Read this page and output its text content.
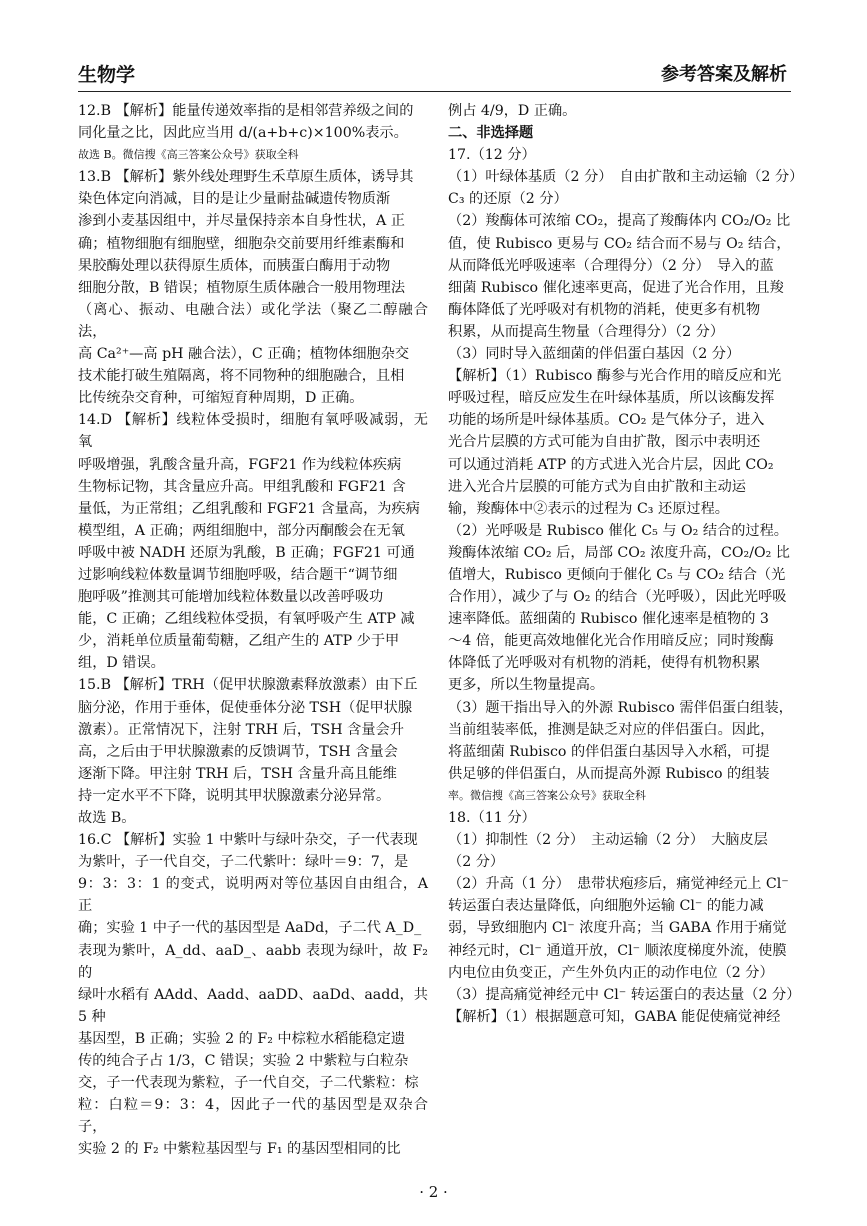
生物学	参考答案及解析

12.B 【解析】能量传递效率指的是相邻营养级之间的

同化量之比，因此应当用 d/(a+b+c)×100%表示。

故选 B。微信搜《高三答案公众号》获取全科

13.B 【解析】紫外线处理野生禾草原生质体，诱导其

染色体定向消减，目的是让少量耐盐碱遗传物质渐

渗到小麦基因组中，并尽量保持亲本自身性状，A 正

确；植物细胞有细胞壁，细胞杂交前要用纤维素酶和

果胶酶处理以获得原生质体，而胰蛋白酶用于动物

细胞分散，B 错误；植物原生质体融合一般用物理法

（离心、振动、电融合法）或化学法（聚乙二醇融合法，

高 Ca²⁺—高 pH 融合法），C 正确；植物体细胞杂交

技术能打破生殖隔离，将不同物种的细胞融合，且相

比传统杂交育种，可缩短育种周期，D 正确。

14.D 【解析】线粒体受损时，细胞有氧呼吸减弱，无氧

呼吸增强，乳酸含量升高，FGF21 作为线粒体疾病

生物标记物，其含量应升高。甲组乳酸和 FGF21 含

量低，为正常组；乙组乳酸和 FGF21 含量高，为疾病

模型组，A 正确；两组细胞中，部分丙酮酸会在无氧

呼吸中被 NADH 还原为乳酸，B 正确；FGF21 可通

过影响线粒体数量调节细胞呼吸，结合题干“调节细

胞呼吸”推测其可能增加线粒体数量以改善呼吸功

能，C 正确；乙组线粒体受损，有氧呼吸产生 ATP 减

少，消耗单位质量葡萄糖，乙组产生的 ATP 少于甲

组，D 错误。

15.B 【解析】TRH（促甲状腺激素释放激素）由下丘

脑分泌，作用于垂体，促使垂体分泌 TSH（促甲状腺

激素）。正常情况下，注射 TRH 后，TSH 含量会升

高，之后由于甲状腺激素的反馈调节，TSH 含量会

逐渐下降。甲注射 TRH 后，TSH 含量升高且能维

持一定水平不下降，说明其甲状腺激素分泌异常。

故选 B。

16.C 【解析】实验 1 中紫叶与绿叶杂交，子一代表现

为紫叶，子一代自交，子二代紫叶：绿叶＝9：7，是

9：3：3：1 的变式，说明两对等位基因自由组合，A 正

确；实验 1 中子一代的基因型是 AaDd，子二代 A_D_

表现为紫叶，A_dd、aaD_、aabb 表现为绿叶，故 F₂ 的

绿叶水稻有 AAdd、Aadd、aaDD、aaDd、aadd，共 5 种

基因型，B 正确；实验 2 的 F₂ 中棕粒水稻能稳定遗

传的纯合子占 1/3，C 错误；实验 2 中紫粒与白粒杂

交，子一代表现为紫粒，子一代自交，子二代紫粒：棕

粒：白粒＝9：3：4，因此子一代的基因型是双杂合子，

实验 2 的 F₂ 中紫粒基因型与 F₁ 的基因型相同的比

例占 4/9，D 正确。

二、非选择题

17.（12 分）

（1）叶绿体基质（2 分）　自由扩散和主动运输（2 分）

C₃ 的还原（2 分）

（2）羧酶体可浓缩 CO₂，提高了羧酶体内 CO₂/O₂ 比

值，使 Rubisco 更易与 CO₂ 结合而不易与 O₂ 结合，

从而降低光呼吸速率（合理得分）（2 分）　导入的蓝

细菌 Rubisco 催化速率更高，促进了光合作用，且羧

酶体降低了光呼吸对有机物的消耗，使更多有机物

积累，从而提高生物量（合理得分）（2 分）

（3）同时导入蓝细菌的伴侣蛋白基因（2 分）

【解析】（1）Rubisco 酶参与光合作用的暗反应和光

呼吸过程，暗反应发生在叶绿体基质，所以该酶发挥

功能的场所是叶绿体基质。CO₂ 是气体分子，进入

光合片层膜的方式可能为自由扩散，图示中表明还

可以通过消耗 ATP 的方式进入光合片层，因此 CO₂

进入光合片层膜的可能方式为自由扩散和主动运

输，羧酶体中②表示的过程为 C₃ 还原过程。

（2）光呼吸是 Rubisco 催化 C₅ 与 O₂ 结合的过程。

羧酶体浓缩 CO₂ 后，局部 CO₂ 浓度升高，CO₂/O₂ 比

值增大，Rubisco 更倾向于催化 C₅ 与 CO₂ 结合（光

合作用），减少了与 O₂ 的结合（光呼吸），因此光呼吸

速率降低。蓝细菌的 Rubisco 催化速率是植物的 3

～4 倍，能更高效地催化光合作用暗反应；同时羧酶

体降低了光呼吸对有机物的消耗，使得有机物积累

更多，所以生物量提高。

（3）题干指出导入的外源 Rubisco 需伴侣蛋白组装，

当前组装率低，推测是缺乏对应的伴侣蛋白。因此，

将蓝细菌 Rubisco 的伴侣蛋白基因导入水稻，可提

供足够的伴侣蛋白，从而提高外源 Rubisco 的组装

率。微信搜《高三答案公众号》获取全科

18.（11 分）

（1）抑制性（2 分）　主动运输（2 分）　大脑皮层

（2 分）

（2）升高（1 分）　患带状疱疹后，痛觉神经元上 Cl⁻

转运蛋白表达量降低，向细胞外运输 Cl⁻ 的能力减

弱，导致细胞内 Cl⁻ 浓度升高；当 GABA 作用于痛觉

神经元时，Cl⁻ 通道开放，Cl⁻ 顺浓度梯度外流，使膜

内电位由负变正，产生外负内正的动作电位（2 分）

（3）提高痛觉神经元中 Cl⁻ 转运蛋白的表达量（2 分）

【解析】（1）根据题意可知，GABA 能促使痛觉神经

· 2 ·
